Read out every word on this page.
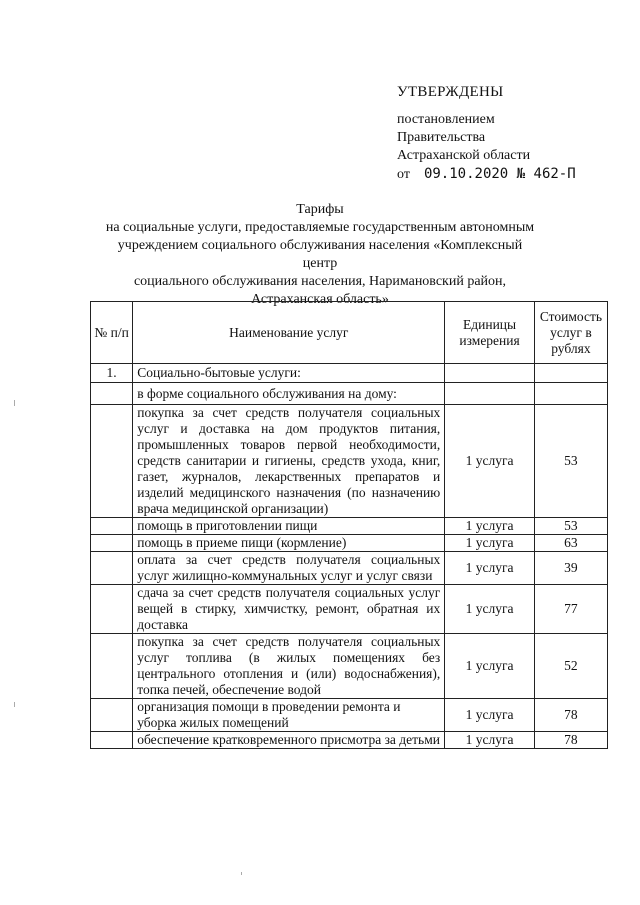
УТВЕРЖДЕНЫ
постановлением
Правительства
Астраханской области
от 09.10.2020 № 462-П
Тарифы
на социальные услуги, предоставляемые государственным автономным
учреждением социального обслуживания населения «Комплексный центр
социального обслуживания населения, Наримановский район,
Астраханская область»
№ п/п	Наименование услуг	Единицы измерения	Стоимость услуг в рублях
1.	Социально-бытовые услуги:		
	в форме социального обслуживания на дому:		
	покупка за счет средств получателя социальных услуг и доставка на дом продуктов питания, промышленных товаров первой необходимости, средств санитарии и гигиены, средств ухода, книг, газет, журналов, лекарственных препаратов и изделий медицинского назначения (по назначению врача медицинской организации)	1 услуга	53
	помощь в приготовлении пищи	1 услуга	53
	помощь в приеме пищи (кормление)	1 услуга	63
	оплата за счет средств получателя социальных услуг жилищно-коммунальных услуг и услуг связи	1 услуга	39
	сдача за счет средств получателя социальных услуг вещей в стирку, химчистку, ремонт, обратная их доставка	1 услуга	77
	покупка за счет средств получателя социальных услуг топлива (в жилых помещениях без центрального отопления и (или) водоснабжения), топка печей, обеспечение водой	1 услуга	52
	организация помощи в проведении ремонта и уборка жилых помещений	1 услуга	78
	обеспечение кратковременного присмотра за детьми	1 услуга	78
